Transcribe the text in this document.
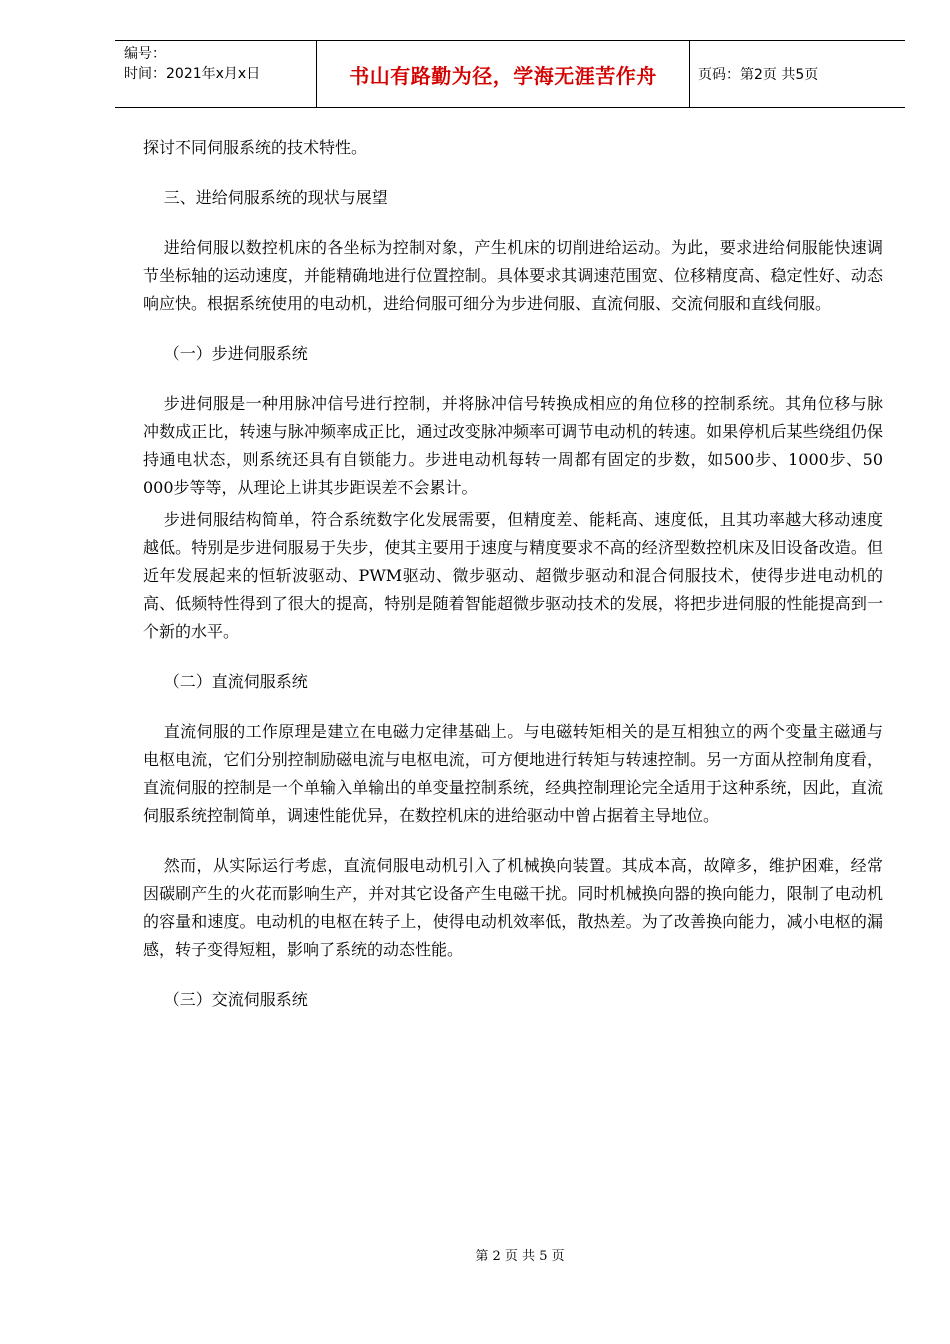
编号：
时间：2021年x月x日	书山有路勤为径，学海无涯苦作舟	页码：第2页 共5页

探讨不同伺服系统的技术特性。

三、进给伺服系统的现状与展望

进给伺服以数控机床的各坐标为控制对象，产生机床的切削进给运动。为此，要求进给伺服能快速调节坐标轴的运动速度，并能精确地进行位置控制。具体要求其调速范围宽、位移精度高、稳定性好、动态响应快。根据系统使用的电动机，进给伺服可细分为步进伺服、直流伺服、交流伺服和直线伺服。

（一）步进伺服系统

步进伺服是一种用脉冲信号进行控制，并将脉冲信号转换成相应的角位移的控制系统。其角位移与脉冲数成正比，转速与脉冲频率成正比，通过改变脉冲频率可调节电动机的转速。如果停机后某些绕组仍保持通电状态，则系统还具有自锁能力。步进电动机每转一周都有固定的步数，如500步、1000步、50 000步等等，从理论上讲其步距误差不会累计。

步进伺服结构简单，符合系统数字化发展需要，但精度差、能耗高、速度低，且其功率越大移动速度越低。特别是步进伺服易于失步，使其主要用于速度与精度要求不高的经济型数控机床及旧设备改造。但近年发展起来的恒斩波驱动、PWM驱动、微步驱动、超微步驱动和混合伺服技术，使得步进电动机的高、低频特性得到了很大的提高，特别是随着智能超微步驱动技术的发展，将把步进伺服的性能提高到一个新的水平。

（二）直流伺服系统

直流伺服的工作原理是建立在电磁力定律基础上。与电磁转矩相关的是互相独立的两个变量主磁通与电枢电流，它们分别控制励磁电流与电枢电流，可方便地进行转矩与转速控制。另一方面从控制角度看，直流伺服的控制是一个单输入单输出的单变量控制系统，经典控制理论完全适用于这种系统，因此，直流伺服系统控制简单，调速性能优异，在数控机床的进给驱动中曾占据着主导地位。

然而，从实际运行考虑，直流伺服电动机引入了机械换向装置。其成本高，故障多，维护困难，经常因碳刷产生的火花而影响生产，并对其它设备产生电磁干扰。同时机械换向器的换向能力，限制了电动机的容量和速度。电动机的电枢在转子上，使得电动机效率低，散热差。为了改善换向能力，减小电枢的漏感，转子变得短粗，影响了系统的动态性能。

（三）交流伺服系统

第 2 页 共 5 页
